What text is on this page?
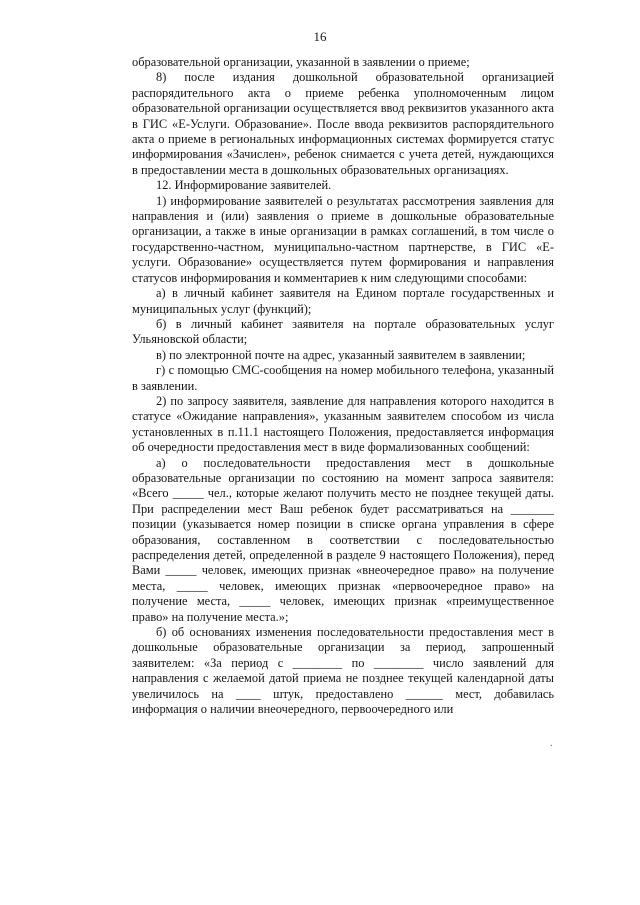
16

образовательной организации, указанной в заявлении о приеме;

8) после издания дошкольной образовательной организацией распорядительного акта о приеме ребенка уполномоченным лицом образовательной организации осуществляется ввод реквизитов указанного акта в ГИС «Е-Услуги. Образование». После ввода реквизитов распорядительного акта о приеме в региональных информационных системах формируется статус информирования «Зачислен», ребенок снимается с учета детей, нуждающихся в предоставлении места в дошкольных образовательных организациях.

12. Информирование заявителей.

1) информирование заявителей о результатах рассмотрения заявления для направления и (или) заявления о приеме в дошкольные образовательные организации, а также в иные организации в рамках соглашений, в том числе о государственно-частном, муниципально-частном партнерстве, в ГИС «Е-услуги. Образование» осуществляется путем формирования и направления статусов информирования и комментариев к ним следующими способами:

а) в личный кабинет заявителя на Едином портале государственных и муниципальных услуг (функций);

б) в личный кабинет заявителя на портале образовательных услуг Ульяновской области;

в) по электронной почте на адрес, указанный заявителем в заявлении;

г) с помощью СМС-сообщения на номер мобильного телефона, указанный в заявлении.

2) по запросу заявителя, заявление для направления которого находится в статусе «Ожидание направления», указанным заявителем способом из числа установленных в п.11.1 настоящего Положения, предоставляется информация об очередности предоставления мест в виде формализованных сообщений:

а) о последовательности предоставления мест в дошкольные образовательные организации по состоянию на момент запроса заявителя: «Всего _____ чел., которые желают получить место не позднее текущей даты. При распределении мест Ваш ребенок будет рассматриваться на _______ позиции (указывается номер позиции в списке органа управления в сфере образования, составленном в соответствии с последовательностью распределения детей, определенной в разделе 9 настоящего Положения), перед Вами _____ человек, имеющих признак «внеочередное право» на получение места, _____ человек, имеющих признак «первоочередное право» на получение места, _____ человек, имеющих признак «преимущественное право» на получение места.»;

б) об основаниях изменения последовательности предоставления мест в дошкольные образовательные организации за период, запрошенный заявителем: «За период с ________ по ________ число заявлений для направления с желаемой датой приема не позднее текущей календарной даты увеличилось на ____ штук, предоставлено ______ мест, добавилась информация о наличии внеочередного, первоочередного или

.
